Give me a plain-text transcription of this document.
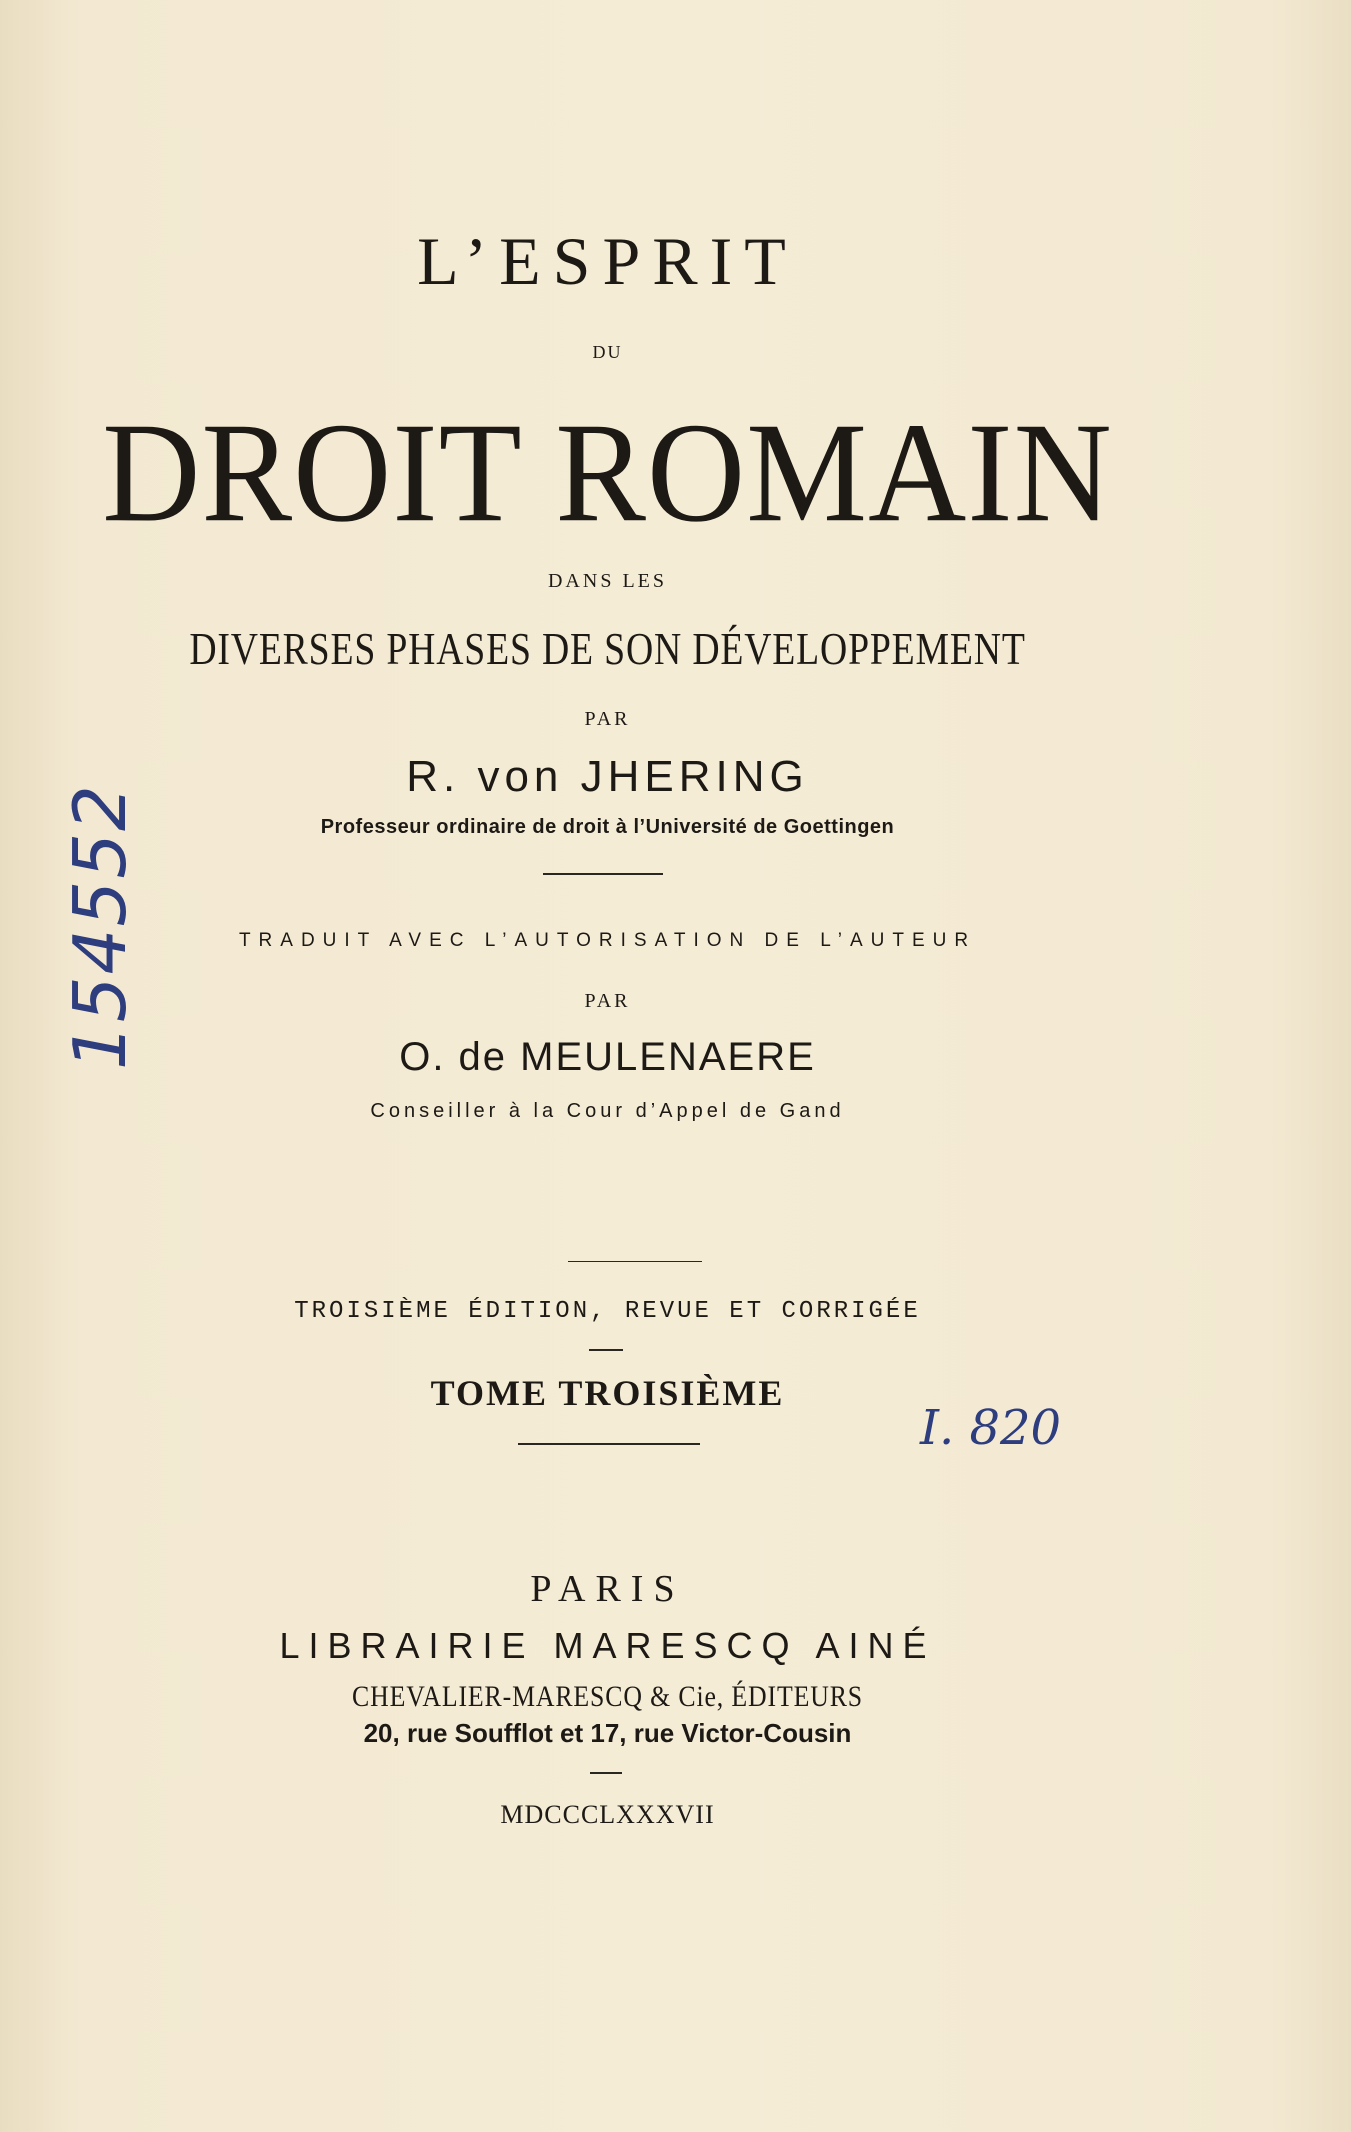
L’ESPRIT
DU
DROIT ROMAIN
DANS LES
DIVERSES PHASES DE SON DÉVELOPPEMENT
PAR
R. von JHERING
Professeur ordinaire de droit à l’Université de Goettingen
TRADUIT AVEC L’AUTORISATION DE L’AUTEUR
PAR
O. de MEULENAERE
Conseiller à la Cour d’Appel de Gand
TROISIÈME ÉDITION, REVUE ET CORRIGÉE
TOME TROISIÈME
I. 820
154552
PARIS
LIBRAIRIE MARESCQ AINÉ
CHEVALIER-MARESCQ & Cie, ÉDITEURS
20, rue Soufflot et 17, rue Victor-Cousin
MDCCCLXXXVII
